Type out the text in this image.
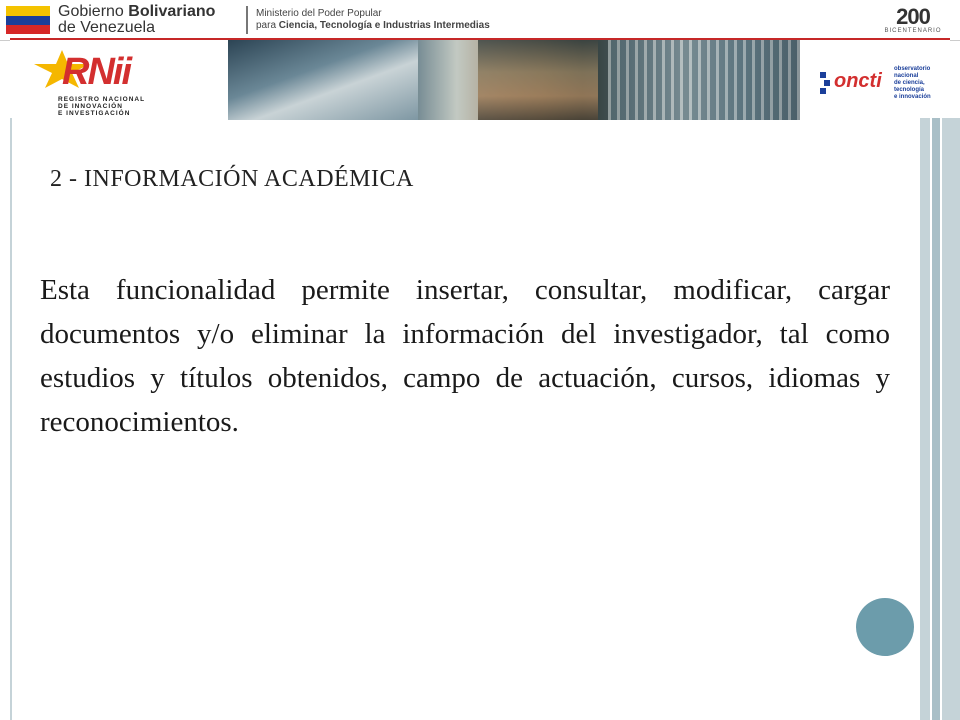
Gobierno Bolivariano
de Venezuela
Ministerio del Poder Popular
para Ciencia, Tecnología e Industrias Intermedias	200
BICENTENARIO
RNii
REGISTRO NACIONAL
DE INNOVACIÓN
E INVESTIGACIÓN
oncti
observatorio
nacional
de ciencia,
tecnología
e innovación
2 - INFORMACIÓN ACADÉMICA
Esta funcionalidad permite insertar, consultar, modificar, cargar documentos y/o eliminar la información del investigador, tal como estudios y títulos obtenidos, campo de actuación, cursos, idiomas y reconocimientos.
